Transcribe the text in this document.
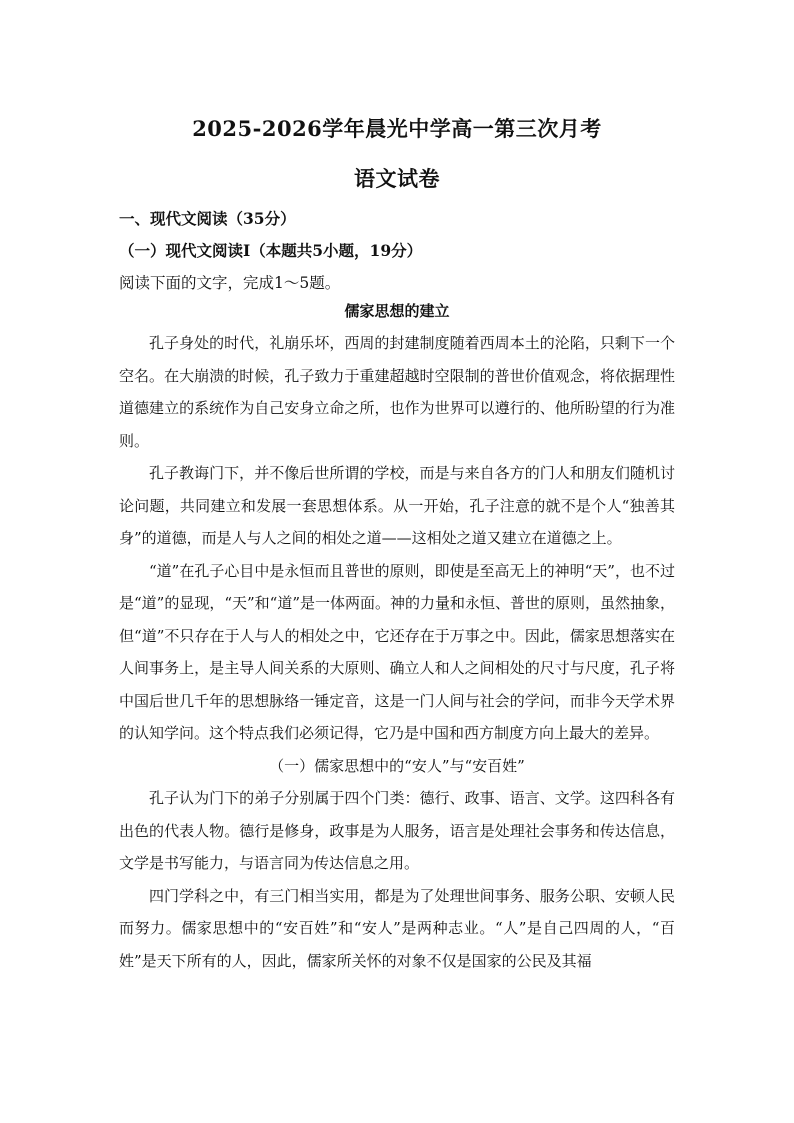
2025-2026学年晨光中学高一第三次月考
语文试卷
一、现代文阅读（35分）
（一）现代文阅读Ⅰ（本题共5小题，19分）
阅读下面的文字，完成1～5题。
儒家思想的建立

孔子身处的时代，礼崩乐坏，西周的封建制度随着西周本土的沦陷，只剩下一个空名。在大崩溃的时候，孔子致力于重建超越时空限制的普世价值观念，将依据理性道德建立的系统作为自己安身立命之所，也作为世界可以遵行的、他所盼望的行为准则。

孔子教诲门下，并不像后世所谓的学校，而是与来自各方的门人和朋友们随机讨论问题，共同建立和发展一套思想体系。从一开始，孔子注意的就不是个人“独善其身”的道德，而是人与人之间的相处之道——这相处之道又建立在道德之上。

“道”在孔子心目中是永恒而且普世的原则，即使是至高无上的神明“天”，也不过是“道”的显现，“天”和“道”是一体两面。神的力量和永恒、普世的原则，虽然抽象，但“道”不只存在于人与人的相处之中，它还存在于万事之中。因此，儒家思想落实在人间事务上，是主导人间关系的大原则、确立人和人之间相处的尺寸与尺度，孔子将中国后世几千年的思想脉络一锤定音，这是一门人间与社会的学问，而非今天学术界的认知学问。这个特点我们必须记得，它乃是中国和西方制度方向上最大的差异。

（一）儒家思想中的“安人”与“安百姓”

孔子认为门下的弟子分别属于四个门类：德行、政事、语言、文学。这四科各有出色的代表人物。德行是修身，政事是为人服务，语言是处理社会事务和传达信息，文学是书写能力，与语言同为传达信息之用。

四门学科之中，有三门相当实用，都是为了处理世间事务、服务公职、安顿人民而努力。儒家思想中的“安百姓”和“安人”是两种志业。“人”是自己四周的人，“百姓”是天下所有的人，因此，儒家所关怀的对象不仅是国家的公民及其福
